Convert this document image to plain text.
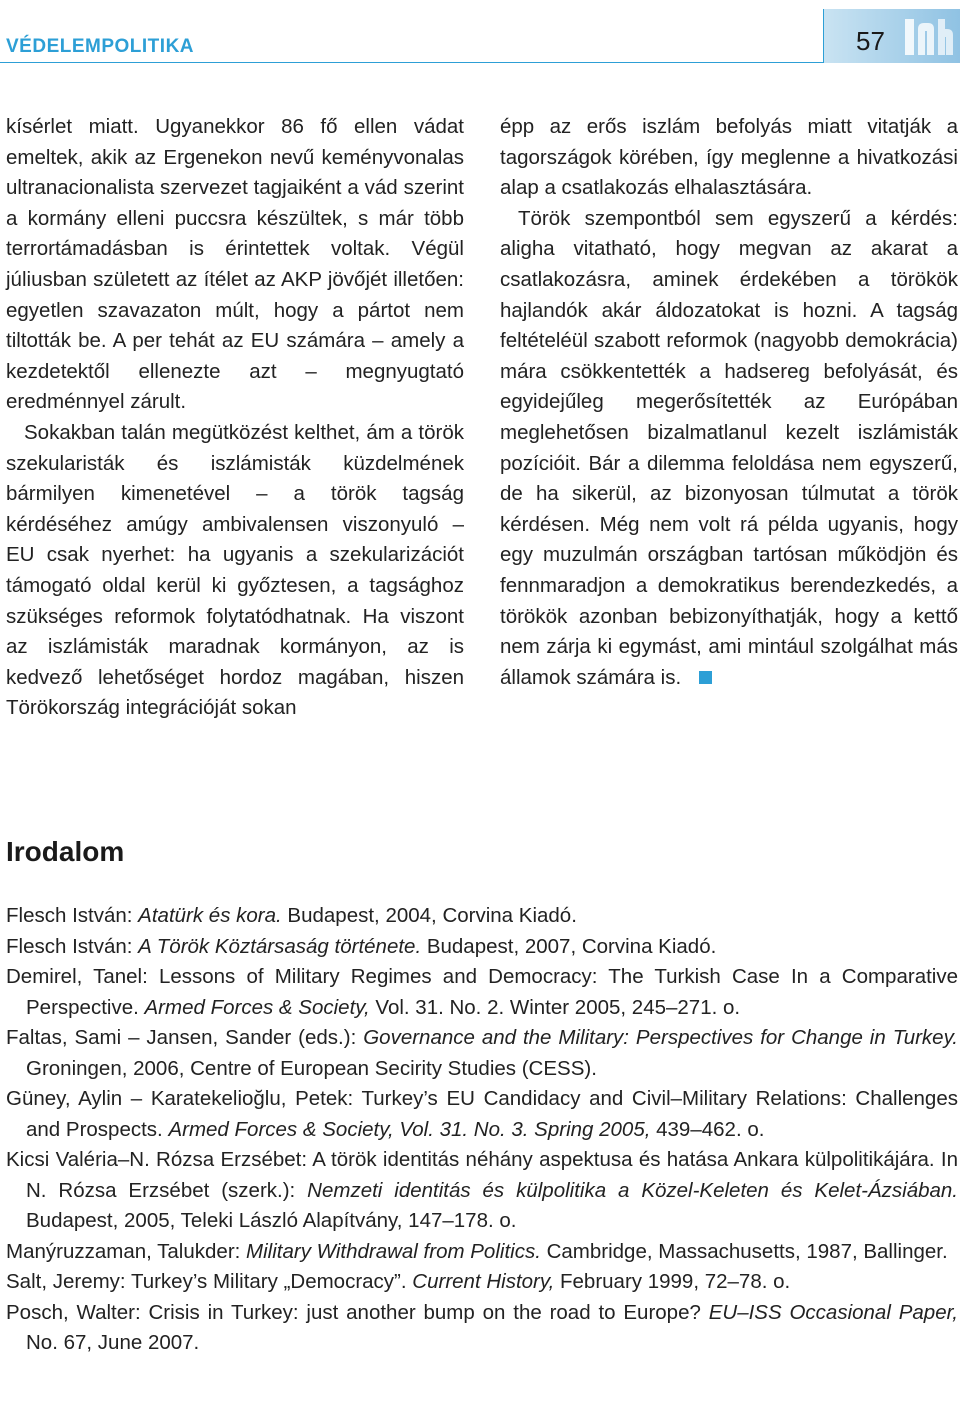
VÉDELEMPOLITIKA	57

kísérlet miatt. Ugyanekkor 86 fő ellen vádat emeltek, akik az Ergenekon nevű keményvonalas ultranacionalista szervezet tagjaiként a vád szerint a kormány elleni puccsra készültek, s már több terrortámadásban is érintettek voltak. Végül júliusban született az ítélet az AKP jövőjét illetően: egyetlen szavazaton múlt, hogy a pártot nem tiltották be. A per tehát az EU számára – amely a kezdetektől ellenezte azt – megnyugtató eredménnyel zárult.

Sokakban talán megütközést kelthet, ám a török szekularisták és iszlámisták küzdelmének bármilyen kimenetével – a török tagság kérdéséhez amúgy ambivalensen viszonyuló – EU csak nyerhet: ha ugyanis a szekularizációt támogató oldal kerül ki győztesen, a tagsághoz szükséges reformok folytatódhatnak. Ha viszont az iszlámisták maradnak kormányon, az is kedvező lehetőséget hordoz magában, hiszen Törökország integrációját sokan

épp az erős iszlám befolyás miatt vitatják a tagországok körében, így meglenne a hivatkozási alap a csatlakozás elhalasztására.

Török szempontból sem egyszerű a kérdés: aligha vitatható, hogy megvan az akarat a csatlakozásra, aminek érdekében a törökök hajlandók akár áldozatokat is hozni. A tagság feltételéül szabott reformok (nagyobb demokrácia) mára csökkentették a hadsereg befolyását, és egyidejűleg megerősítették az Európában meglehetősen bizalmatlanul kezelt iszlámisták pozícióit. Bár a dilemma feloldása nem egyszerű, de ha sikerül, az bizonyosan túlmutat a török kérdésen. Még nem volt rá példa ugyanis, hogy egy muzulmán országban tartósan működjön és fennmaradjon a demokratikus berendezkedés, a törökök azonban bebizonyíthatják, hogy a kettő nem zárja ki egymást, ami mintául szolgálhat más államok számára is.

Irodalom
Flesch István: Atatürk és kora. Budapest, 2004, Corvina Kiadó.
Flesch István: A Török Köztársaság története. Budapest, 2007, Corvina Kiadó.
Demirel, Tanel: Lessons of Military Regimes and Democracy: The Turkish Case In a Comparative Perspective. Armed Forces & Society, Vol. 31. No. 2. Winter 2005, 245–271. o.
Faltas, Sami – Jansen, Sander (eds.): Governance and the Military: Perspectives for Change in Turkey. Groningen, 2006, Centre of European Secirity Studies (CESS).
Güney, Aylin – Karatekelioğlu, Petek: Turkey’s EU Candidacy and Civil–Military Relations: Challenges and Prospects. Armed Forces & Society, Vol. 31. No. 3. Spring 2005, 439–462. o.
Kicsi Valéria–N. Rózsa Erzsébet: A török identitás néhány aspektusa és hatása Ankara külpolitikájára. In N. Rózsa Erzsébet (szerk.): Nemzeti identitás és külpolitika a Közel-Keleten és Kelet-Ázsiában. Budapest, 2005, Teleki László Alapítvány, 147–178. o.
Manýruzzaman, Talukder: Military Withdrawal from Politics. Cambridge, Massachusetts, 1987, Ballinger.
Salt, Jeremy: Turkey’s Military „Democracy”. Current History, February 1999, 72–78. o.
Posch, Walter: Crisis in Turkey: just another bump on the road to Europe? EU–ISS Occasional Paper, No. 67, June 2007.
